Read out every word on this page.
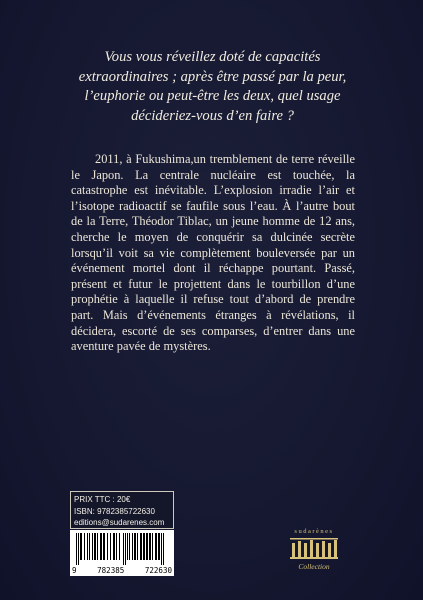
Vous vous réveillez doté de capacités extraordinaires ; après être passé par la peur, l’euphorie ou peut-être les deux, quel usage décideriez-vous d’en faire ?

2011, à Fukushima,un tremblement de terre réveille le Japon. La centrale nucléaire est touchée, la catastrophe est inévitable. L’explosion irradie l’air et l’isotope radioactif se faufile sous l’eau. À l’autre bout de la Terre, Théodor Tiblac, un jeune homme de 12 ans, cherche le moyen de conquérir sa dulcinée secrète lorsqu’il voit sa vie complètement bouleversée par un événement mortel dont il réchappe pourtant. Passé, présent et futur le projettent dans le tourbillon d’une prophétie à laquelle il refuse tout d’abord de prendre part. Mais d’événements étranges à révélations, il décidera, escorté de ses comparses, d’entrer dans une aventure pavée de mystères.

PRIX TTC : 20€
ISBN: 9782385722630
editions@sudarenes.com
9	782385	722630
sudarènes
Collection
